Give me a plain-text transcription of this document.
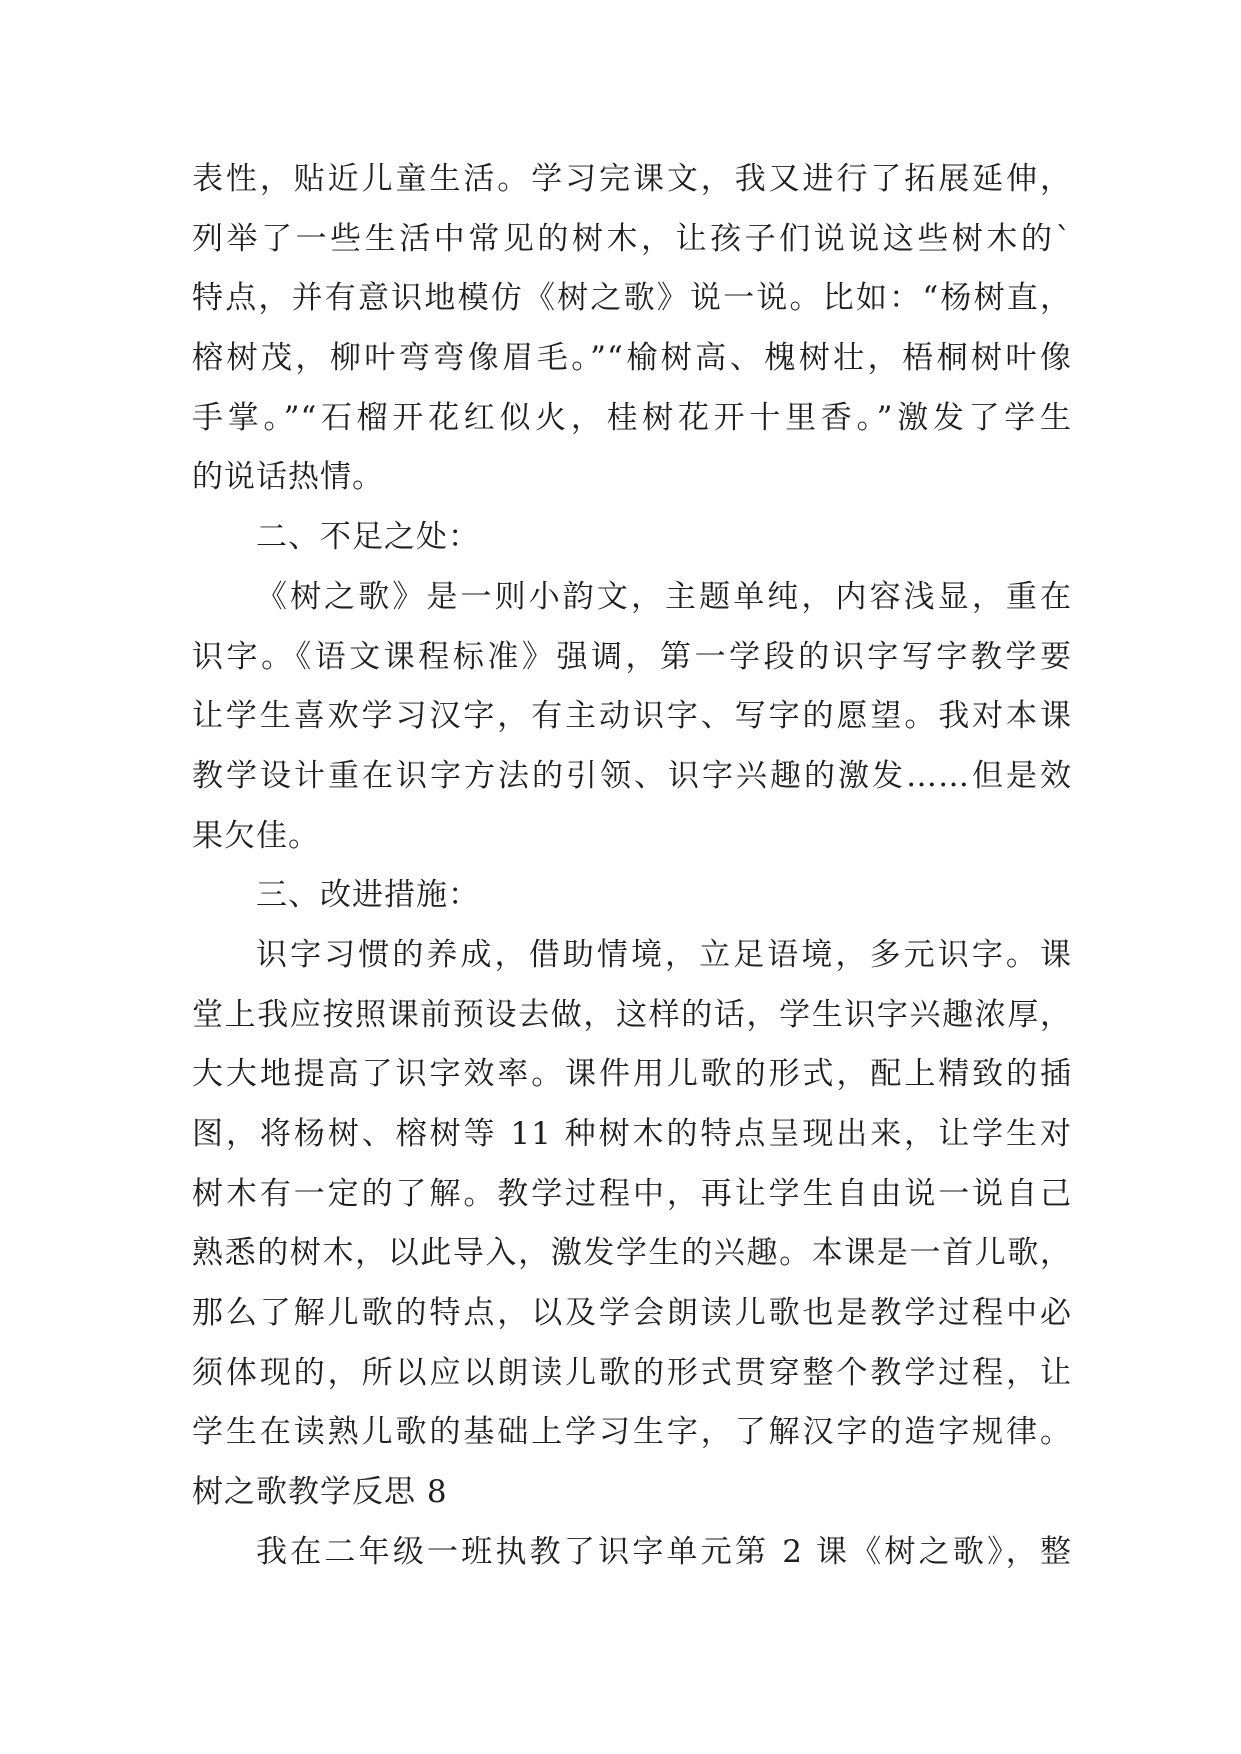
表性，贴近儿童生活。学习完课文，我又进行了拓展延伸，
列举了一些生活中常见的树木，让孩子们说说这些树木的`
特点，并有意识地模仿《树之歌》说一说。比如：“杨树直，
榕树茂，柳叶弯弯像眉毛。”“榆树高、槐树壮，梧桐树叶像
手掌。”“石榴开花红似火，桂树花开十里香。”激发了学生
的说话热情。
二、不足之处：
《树之歌》是一则小韵文，主题单纯，内容浅显，重在
识字。《语文课程标准》强调，第一学段的识字写字教学要
让学生喜欢学习汉字，有主动识字、写字的愿望。我对本课
教学设计重在识字方法的引领、识字兴趣的激发……但是效
果欠佳。
三、改进措施：
识字习惯的养成，借助情境，立足语境，多元识字。课
堂上我应按照课前预设去做，这样的话，学生识字兴趣浓厚，
大大地提高了识字效率。课件用儿歌的形式，配上精致的插
图，将杨树、榕树等 11 种树木的特点呈现出来，让学生对
树木有一定的了解。教学过程中，再让学生自由说一说自己
熟悉的树木，以此导入，激发学生的兴趣。本课是一首儿歌，
那么了解儿歌的特点，以及学会朗读儿歌也是教学过程中必
须体现的，所以应以朗读儿歌的形式贯穿整个教学过程，让
学生在读熟儿歌的基础上学习生字，了解汉字的造字规律。
树之歌教学反思 8
我在二年级一班执教了识字单元第 2 课《树之歌》，整
